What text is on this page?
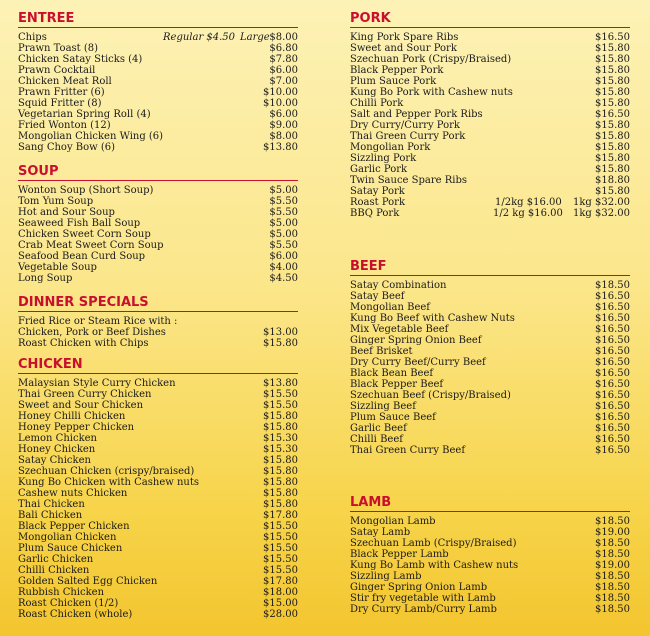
ENTREE
Chips	Regular $4.50 Large $8.00
Prawn Toast (8)	$6.80
Chicken Satay Sticks (4)	$7.80
Prawn Cocktail	$6.00
Chicken Meat Roll	$7.00
Prawn Fritter (6)	$10.00
Squid Fritter (8)	$10.00
Vegetarian Spring Roll (4)	$6.00
Fried Wonton (12)	$9.00
Mongolian Chicken Wing (6)	$8.00
Sang Choy Bow (6)	$13.80
SOUP
Wonton Soup (Short Soup)	$5.00
Tom Yum Soup	$5.50
Hot and Sour Soup	$5.50
Seaweed Fish Ball Soup	$5.00
Chicken Sweet Corn Soup	$5.00
Crab Meat Sweet Corn Soup	$5.50
Seafood Bean Curd Soup	$6.00
Vegetable Soup	$4.00
Long Soup	$4.50
DINNER SPECIALS
Fried Rice or Steam Rice with :
Chicken, Pork or Beef Dishes	$13.00
Roast Chicken with Chips	$15.80
CHICKEN
Malaysian Style Curry Chicken	$13.80
Thai Green Curry Chicken	$15.50
Sweet and Sour Chicken	$15.50
Honey Chilli Chicken	$15.80
Honey Pepper Chicken	$15.80
Lemon Chicken	$15.30
Honey Chicken	$15.30
Satay Chicken	$15.80
Szechuan Chicken (crispy/braised)	$15.80
Kung Bo Chicken with Cashew nuts	$15.80
Cashew nuts Chicken	$15.80
Thai Chicken	$15.80
Bali Chicken	$17.80
Black Pepper Chicken	$15.50
Mongolian Chicken	$15.50
Plum Sauce Chicken	$15.50
Garlic Chicken	$15.50
Chilli Chicken	$15.50
Golden Salted Egg Chicken	$17.80
Rubbish Chicken	$18.00
Roast Chicken (1/2)	$15.00
Roast Chicken (whole)	$28.00
PORK
King Pork Spare Ribs	$16.50
Sweet and Sour Pork	$15.80
Szechuan Pork (Crispy/Braised)	$15.80
Black Pepper Pork	$15.80
Plum Sauce Pork	$15.80
Kung Bo Pork with Cashew nuts	$15.80
Chilli Pork	$15.80
Salt and Pepper Pork Ribs	$16.50
Dry Curry/Curry Pork	$15.80
Thai Green Curry Pork	$15.80
Mongolian Pork	$15.80
Sizzling Pork	$15.80
Garlic Pork	$15.80
Twin Sauce Spare Ribs	$18.80
Satay Pork	$15.80
Roast Pork	1/2kg $16.00 1kg $32.00
BBQ Pork	1/2 kg $16.00 1kg $32.00
BEEF
Satay Combination	$18.50
Satay Beef	$16.50
Mongolian Beef	$16.50
Kung Bo Beef with Cashew Nuts	$16.50
Mix Vegetable Beef	$16.50
Ginger Spring Onion Beef	$16.50
Beef Brisket	$16.50
Dry Curry Beef/Curry Beef	$16.50
Black Bean Beef	$16.50
Black Pepper Beef	$16.50
Szechuan Beef (Crispy/Braised)	$16.50
Sizzling Beef	$16.50
Plum Sauce Beef	$16.50
Garlic Beef	$16.50
Chilli Beef	$16.50
Thai Green Curry Beef	$16.50
LAMB
Mongolian Lamb	$18.50
Satay Lamb	$19.00
Szechuan Lamb (Crispy/Braised)	$18.50
Black Pepper Lamb	$18.50
Kung Bo Lamb with Cashew nuts	$19.00
Sizzling Lamb	$18.50
Ginger Spring Onion Lamb	$18.50
Stir fry vegetable with Lamb	$18.50
Dry Curry Lamb/Curry Lamb	$18.50
